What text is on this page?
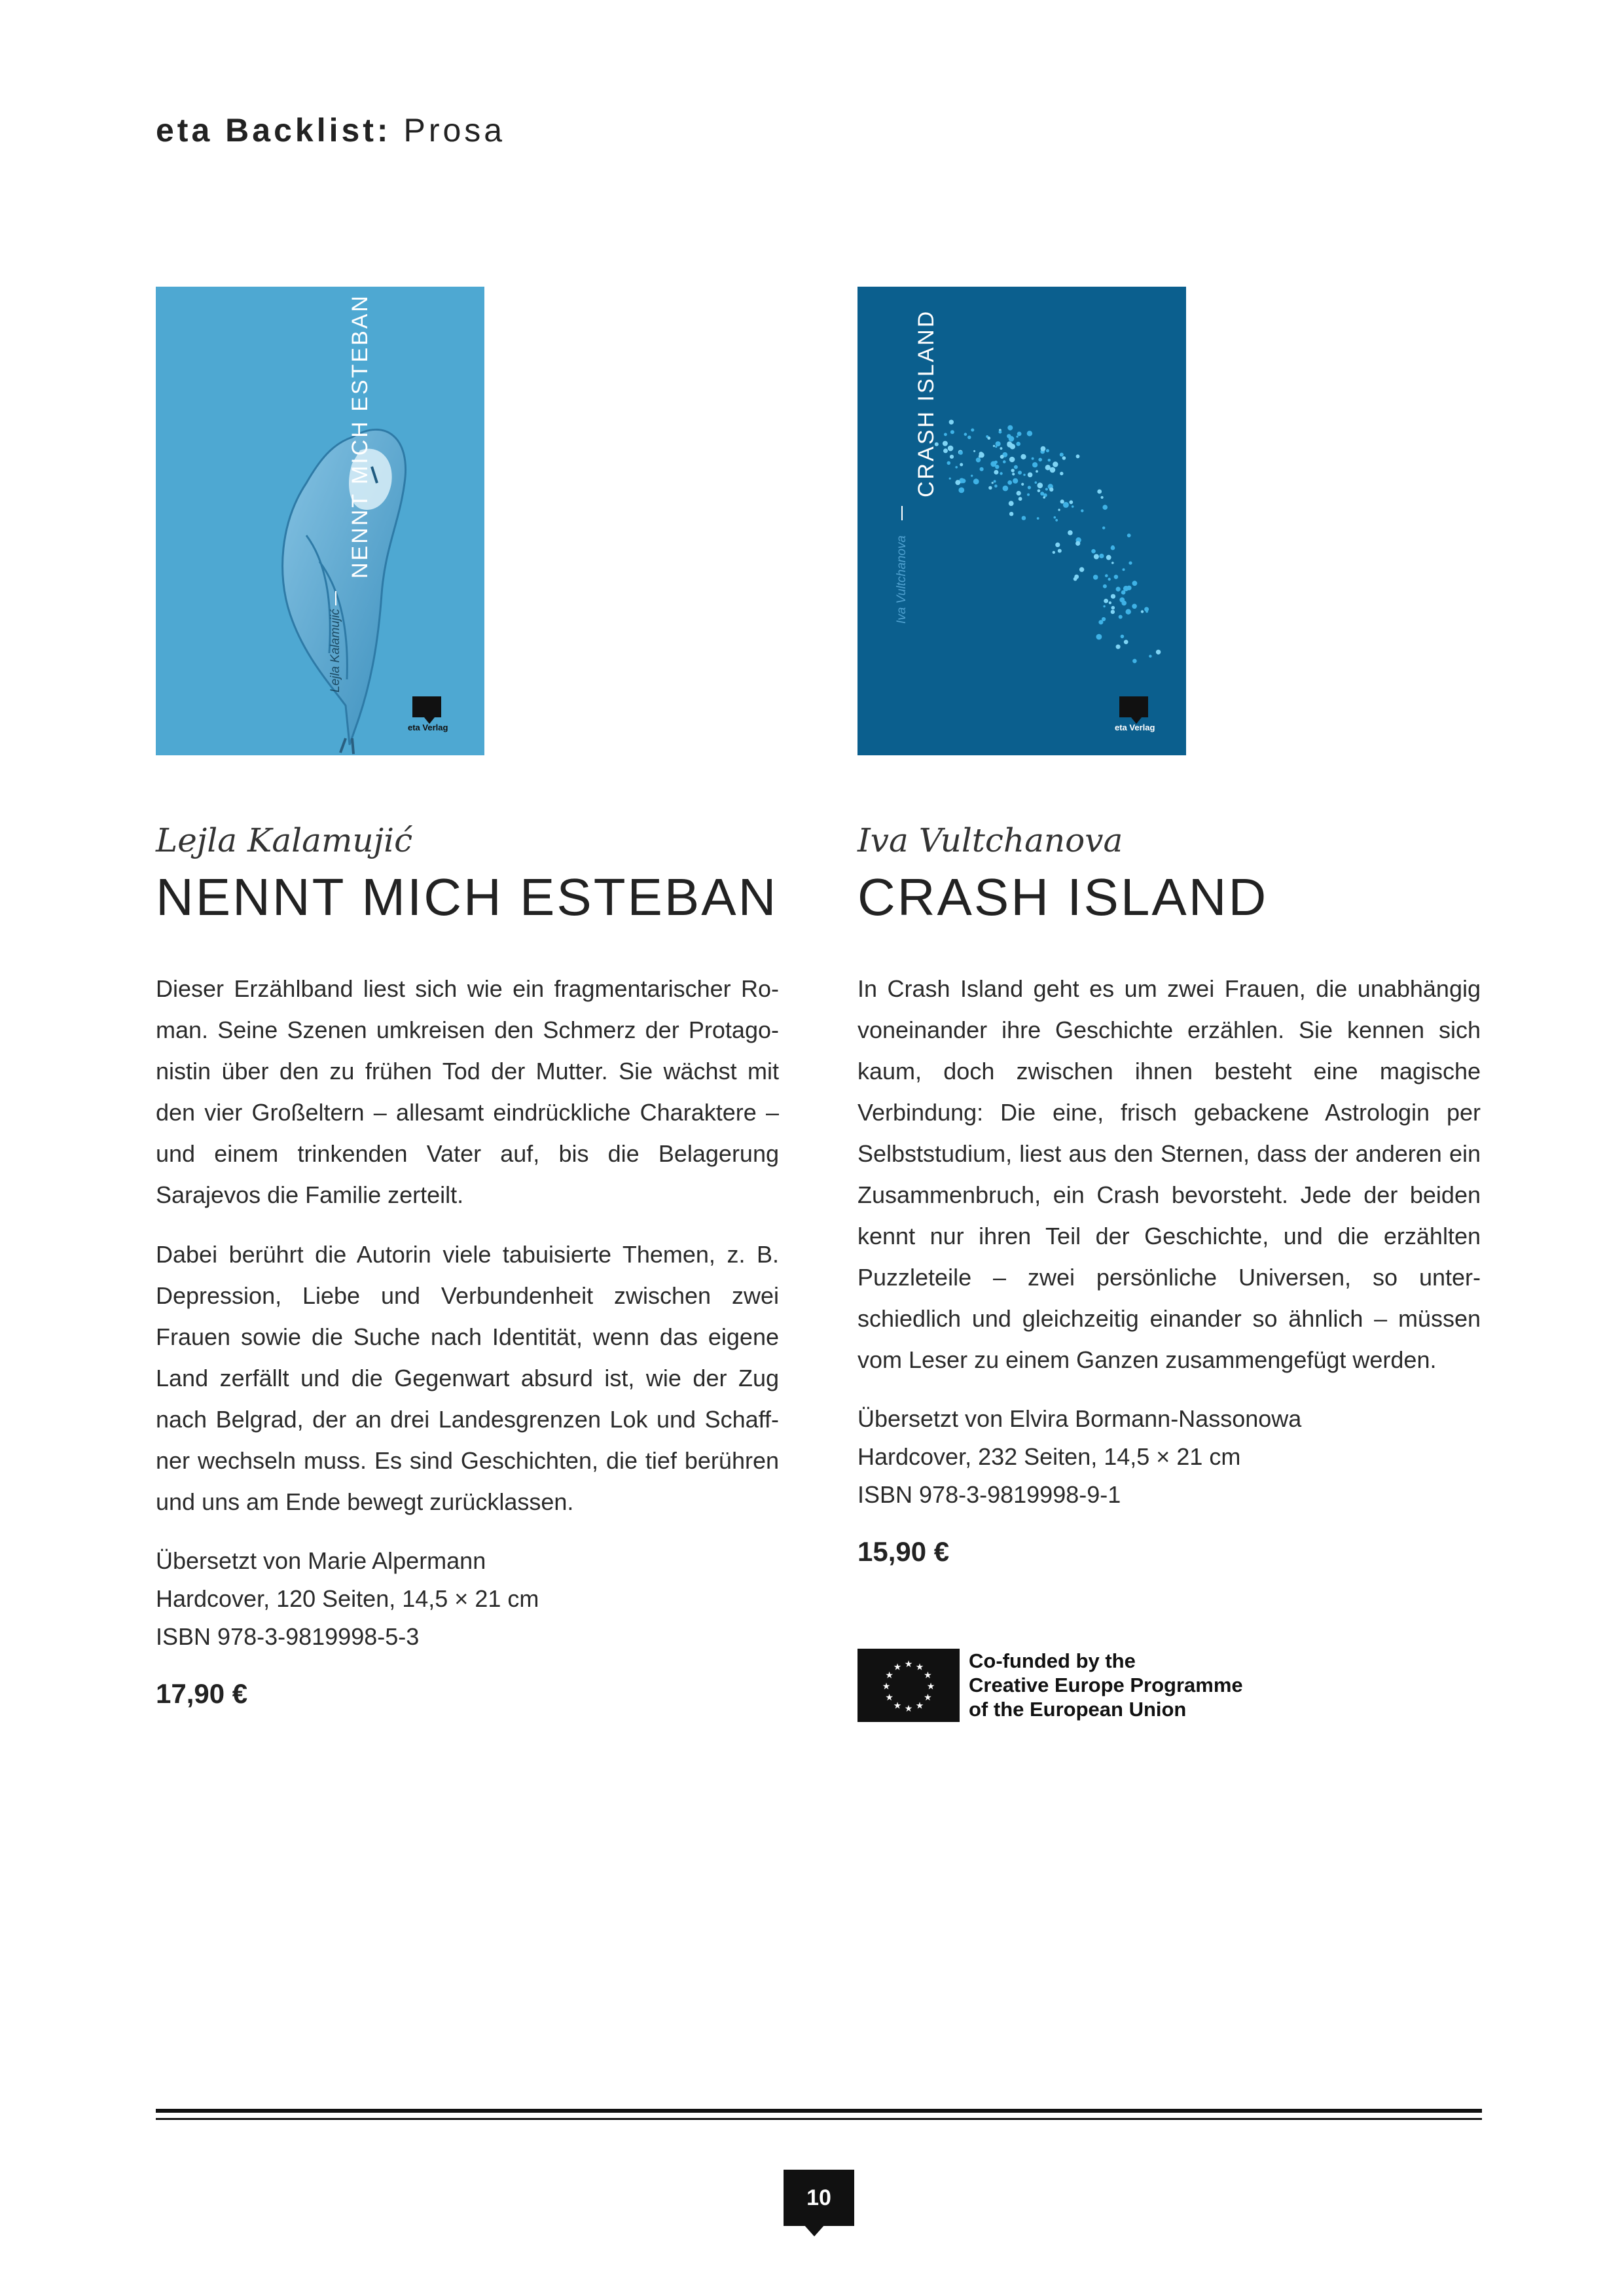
eta Backlist: Prosa
NENNT MICH ESTEBAN
Lejla Kalamujić
eta Verlag
CRASH ISLAND
Iva Vultchanova
eta Verlag
Lejla Kalamujić
NENNT MICH ESTEBAN
Dieser Erzählband liest sich wie ein fragmentarischer Roman. Seine Szenen umkreisen den Schmerz der Protagonistin über den zu frühen Tod der Mutter. Sie wächst mit den vier Großeltern – allesamt eindrückliche Charaktere – und einem trinkenden Vater auf, bis die Belagerung Sarajevos die Familie zerteilt.
Dabei berührt die Autorin viele tabuisierte Themen, z. B. Depression, Liebe und Verbundenheit zwischen zwei Frauen sowie die Suche nach Identität, wenn das eigene Land zerfällt und die Gegenwart absurd ist, wie der Zug nach Belgrad, der an drei Landesgrenzen Lok und Schaffner wechseln muss. Es sind Geschichten, die tief berühren und uns am Ende bewegt zurücklassen.
Übersetzt von Marie Alpermann
Hardcover, 120 Seiten, 14,5 × 21 cm
ISBN 978-3-9819998-5-3
17,90 €
Iva Vultchanova
CRASH ISLAND
In Crash Island geht es um zwei Frauen, die unabhängig voneinander ihre Geschichte erzählen. Sie kennen sich kaum, doch zwischen ihnen besteht eine magische Verbindung: Die eine, frisch gebackene Astrologin per Selbststudium, liest aus den Sternen, dass der anderen ein Zusammenbruch, ein Crash bevorsteht. Jede der beiden kennt nur ihren Teil der Geschichte, und die erzählten Puzzleteile – zwei persönliche Universen, so unterschiedlich und gleichzeitig einander so ähnlich – müssen vom Leser zu einem Ganzen zusammengefügt werden.
Übersetzt von Elvira Bormann-Nassonowa
Hardcover, 232 Seiten, 14,5 × 21 cm
ISBN 978-3-9819998-9-1
15,90 €
★
★
★
★
★
★
★
★
★ ★ ★
★
Co-funded by the
Creative Europe Programme
of the European Union
10
